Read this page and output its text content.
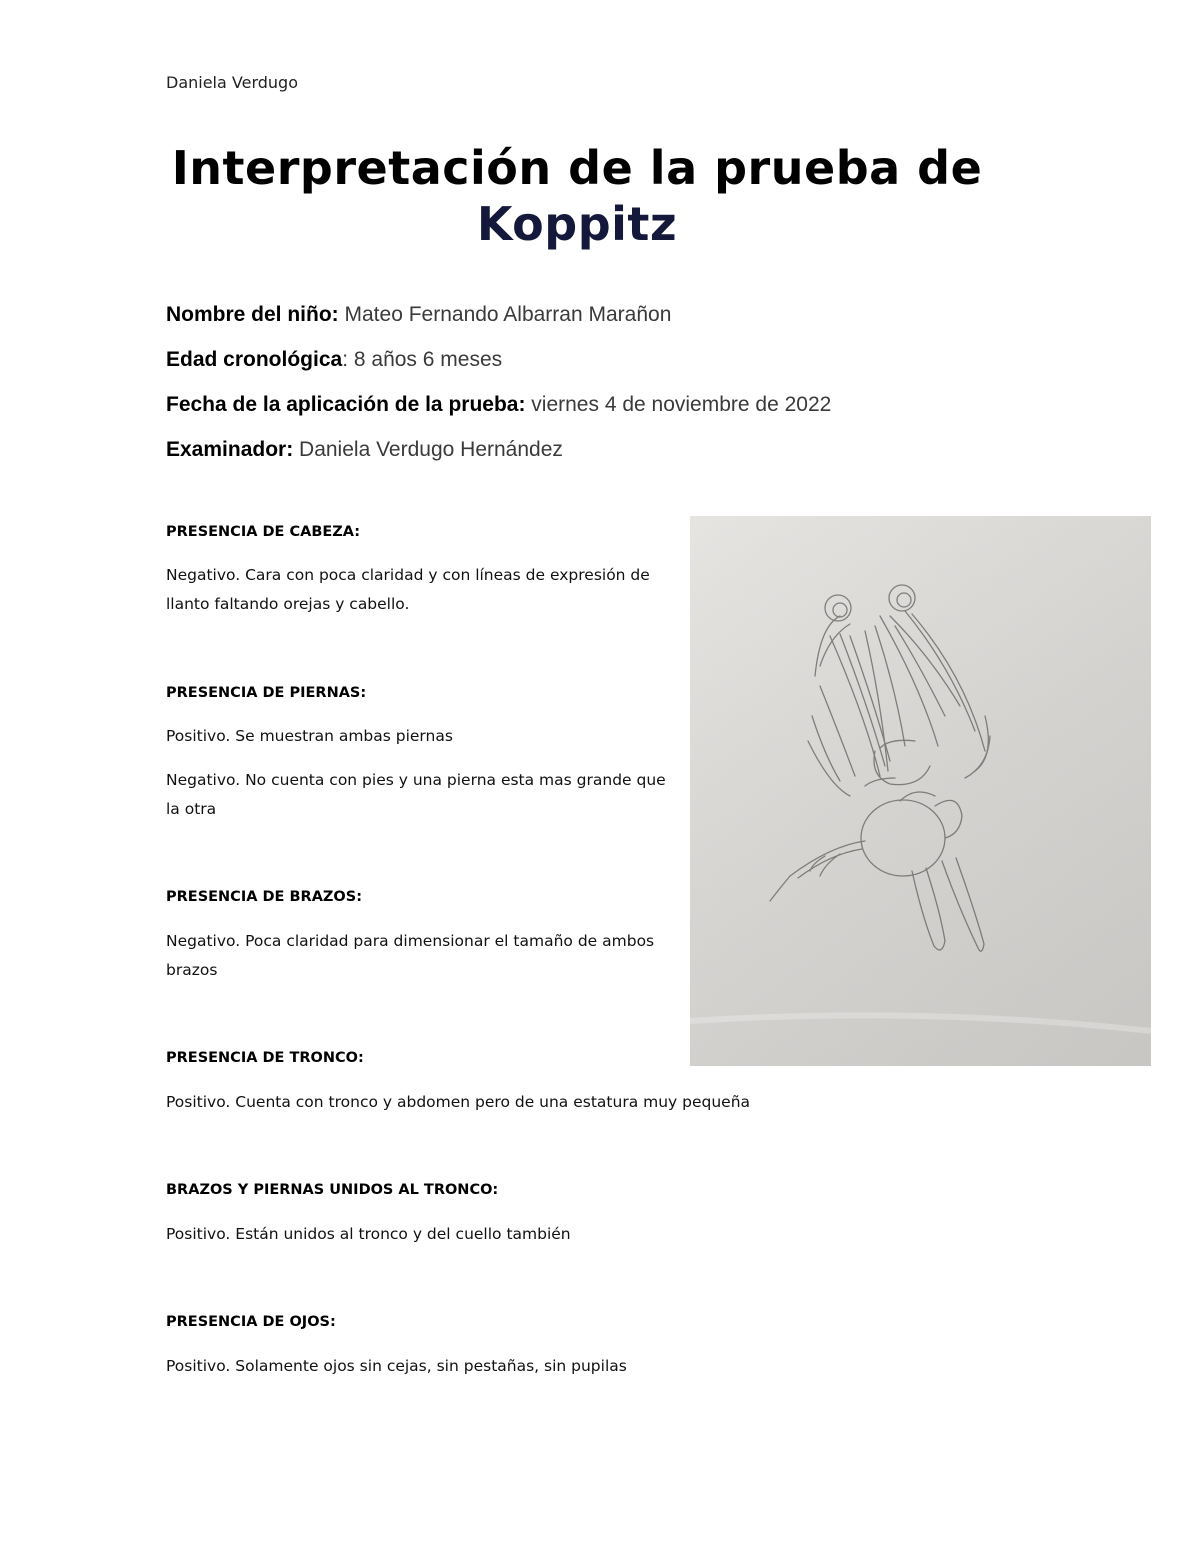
Daniela Verdugo
Interpretación de la prueba de
Koppitz
Nombre del niño: Mateo Fernando Albarran Marañon
Edad cronológica: 8 años 6 meses
Fecha de la aplicación de la prueba: viernes 4 de noviembre de 2022
Examinador: Daniela Verdugo Hernández
PRESENCIA DE CABEZA:
Negativo. Cara con poca claridad y con líneas de expresión de llanto faltando orejas y cabello.
PRESENCIA DE PIERNAS:
Positivo. Se muestran ambas piernas
Negativo. No cuenta con pies y una pierna esta mas grande que la otra
PRESENCIA DE BRAZOS:
Negativo. Poca claridad para dimensionar el tamaño de ambos brazos
PRESENCIA DE TRONCO:
Positivo. Cuenta con tronco y abdomen pero de una estatura muy pequeña
BRAZOS Y PIERNAS UNIDOS AL TRONCO:
Positivo. Están unidos al tronco y del cuello también
PRESENCIA DE OJOS:
Positivo. Solamente ojos sin cejas, sin pestañas, sin pupilas
